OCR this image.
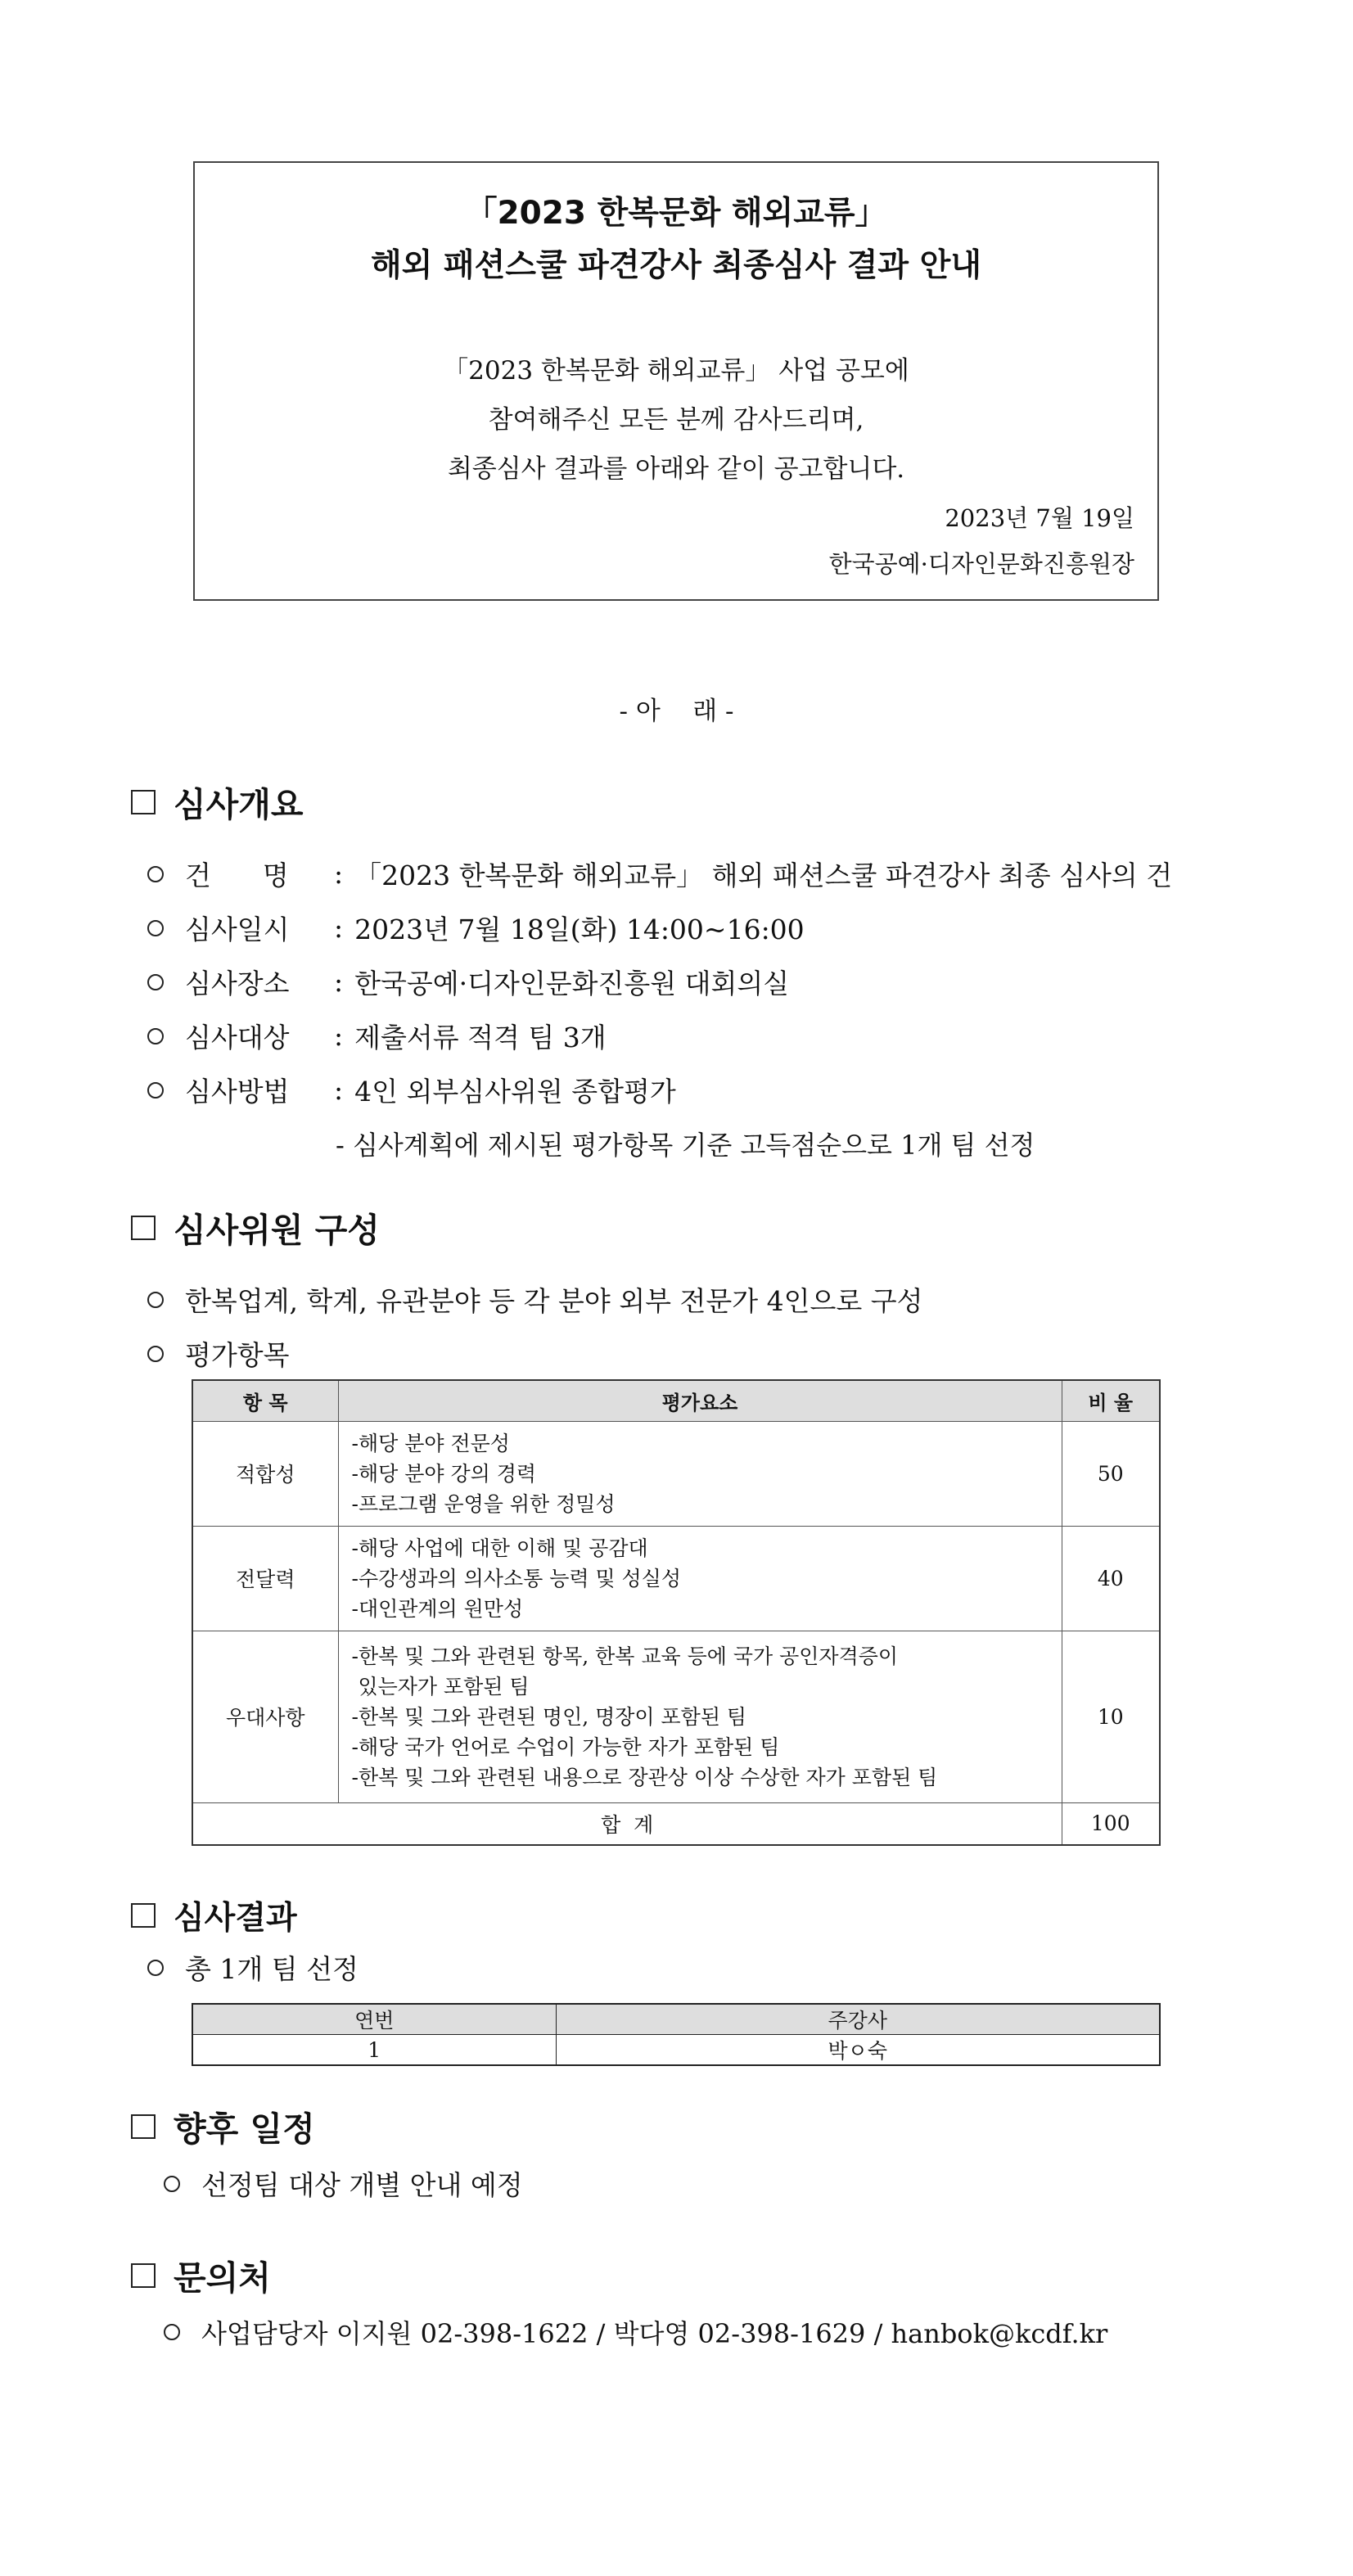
「2023 한복문화 해외교류」
해외 패션스쿨 파견강사 최종심사 결과 안내
「2023 한복문화 해외교류」 사업 공모에
참여해주신 모든 분께 감사드리며,
최종심사 결과를 아래와 같이 공고합니다.
2023년 7월 19일
한국공예·디자인문화진흥원장
- 아    래 -
심사개요
건      명	: 「2023 한복문화 해외교류」 해외 패션스쿨 파견강사 최종 심사의 건
심사일시	: 2023년 7월 18일(화) 14:00~16:00
심사장소	: 한국공예·디자인문화진흥원 대회의실
심사대상	: 제출서류 적격 팀 3개
심사방법	: 4인 외부심사위원 종합평가
- 심사계획에 제시된 평가항목 기준 고득점순으로 1개 팀 선정
심사위원 구성
한복업계, 학계, 유관분야 등 각 분야 외부 전문가 4인으로 구성
평가항목
항 목	평가요소	비 율
적합성	-해당 분야 전문성
-해당 분야 강의 경력
-프로그램 운영을 위한 정밀성	50
전달력	-해당 사업에 대한 이해 및 공감대
-수강생과의 의사소통 능력 및 성실성
-대인관계의 원만성	40
우대사항	-한복 및 그와 관련된 항목, 한복 교육 등에 국가 공인자격증이
있는자가 포함된 팀
-한복 및 그와 관련된 명인, 명장이 포함된 팀
-해당 국가 언어로 수업이 가능한 자가 포함된 팀
-한복 및 그와 관련된 내용으로 장관상 이상 수상한 자가 포함된 팀	10
합  계		100
심사결과
총 1개 팀 선정
연번	주강사
1	박ㅇ숙
향후 일정
선정팀 대상 개별 안내 예정
문의처
사업담당자 이지원 02-398-1622 / 박다영 02-398-1629 / hanbok@kcdf.kr
